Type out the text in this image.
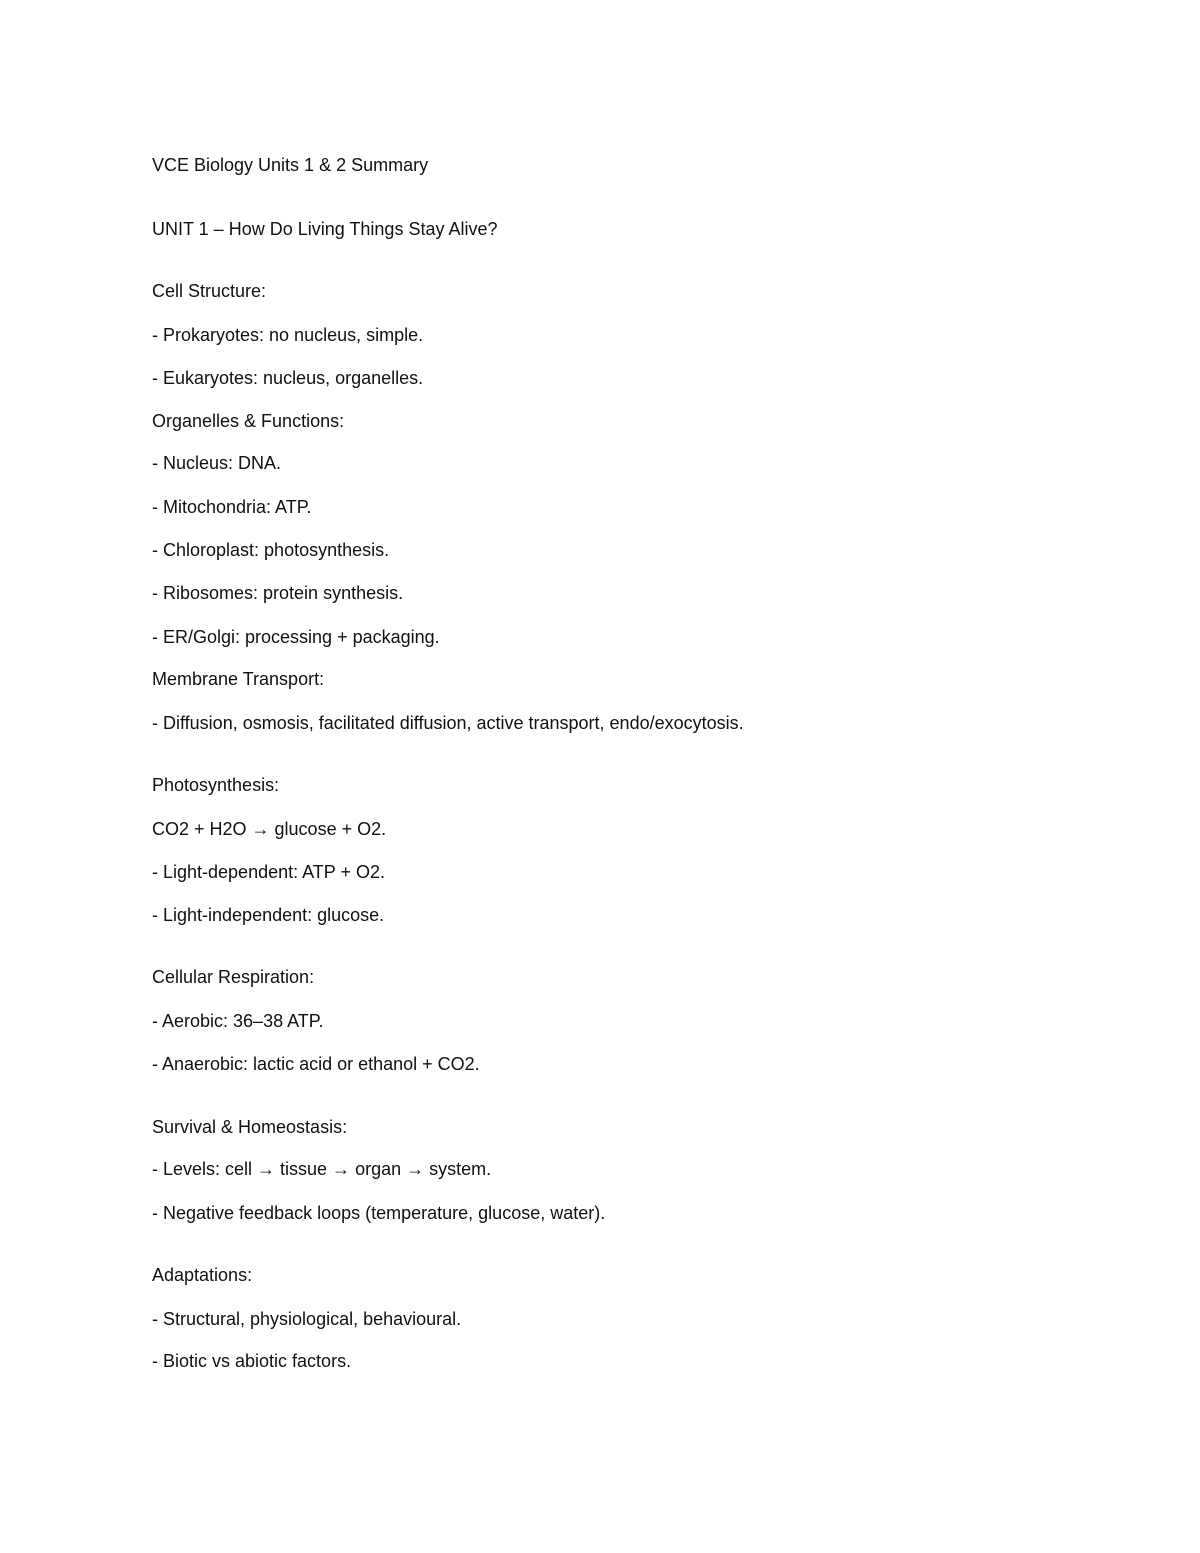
VCE Biology Units 1 & 2 Summary
UNIT 1 – How Do Living Things Stay Alive?
Cell Structure:

- Prokaryotes: no nucleus, simple.

- Eukaryotes: nucleus, organelles.

Organelles & Functions:

- Nucleus: DNA.

- Mitochondria: ATP.

- Chloroplast: photosynthesis.

- Ribosomes: protein synthesis.

- ER/Golgi: processing + packaging.

Membrane Transport:

- Diffusion, osmosis, facilitated diffusion, active transport, endo/exocytosis.

Photosynthesis:

CO2 + H2O → glucose + O2.

- Light-dependent: ATP + O2.

- Light-independent: glucose.

Cellular Respiration:

- Aerobic: 36–38 ATP.

- Anaerobic: lactic acid or ethanol + CO2.

Survival & Homeostasis:

- Levels: cell → tissue → organ → system.

- Negative feedback loops (temperature, glucose, water).

Adaptations:

- Structural, physiological, behavioural.

- Biotic vs abiotic factors.
